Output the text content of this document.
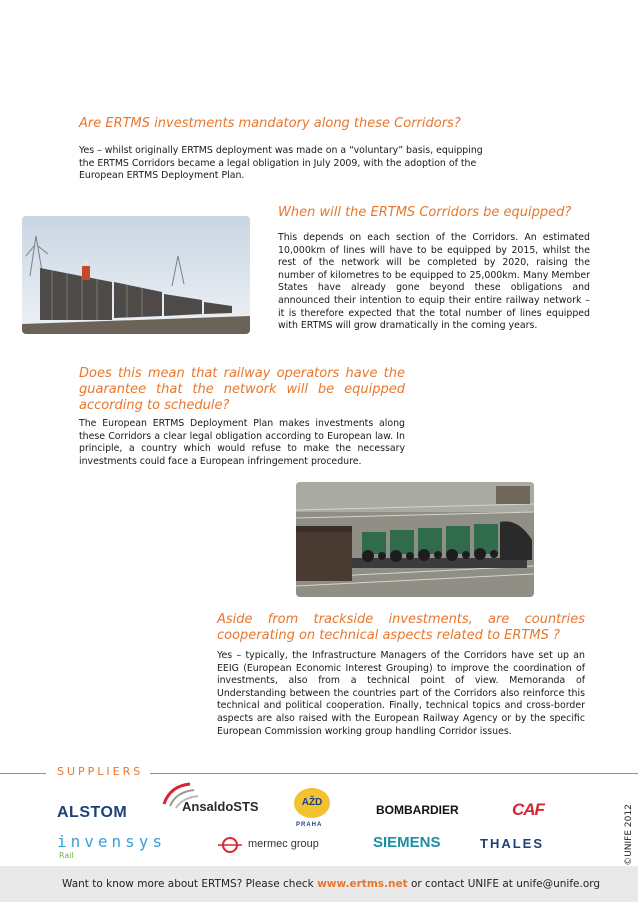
Are ERTMS investments mandatory along these Corridors?

Yes – whilst originally ERTMS deployment was made on a “voluntary” basis, equipping the ERTMS Corridors became a legal obligation in July 2009, with the adoption of the European ERTMS Deployment Plan.

When will the ERTMS Corridors be equipped?

This depends on each section of the Corridors. An estimated 10,000km of lines will have to be equipped by 2015, whilst the rest of the network will be completed by 2020, raising the number of kilometres to be equipped to 25,000km. Many Member States have already gone beyond these obligations and announced their intention to equip their entire railway network – it is therefore expected that the total number of lines equipped with ERTMS will grow dramatically in the coming years.

Does this mean that railway operators have the guarantee that the network will be equipped according to schedule?

The European ERTMS Deployment Plan makes investments along these Corridors a clear legal obligation according to European law. In principle, a country which would refuse to make the necessary investments could face a European infringement procedure.

Aside from trackside investments, are countries cooperating on technical aspects related to ERTMS ?

Yes – typically, the Infrastructure Managers of the Corridors have set up an EEIG (European Economic Interest Grouping) to improve the coordination of investments, also from a technical point of view. Memoranda of Understanding between the countries part of the Corridors also reinforce this technical and political cooperation. Finally, technical topics and cross-border aspects are also raised with the European Railway Agency or by the specific European Commission working group handling Corridor issues.

SUPPLIERS
ALSTOM	AnsaldoSTS	AŽD
PRAHA
BOMBARDIER	CAF
invensys
Rail
mermec group	SIEMENS	THALES	©UNIFE 2012
Want to know more about ERTMS? Please check www.ertms.net or contact UNIFE at unife@unife.org
